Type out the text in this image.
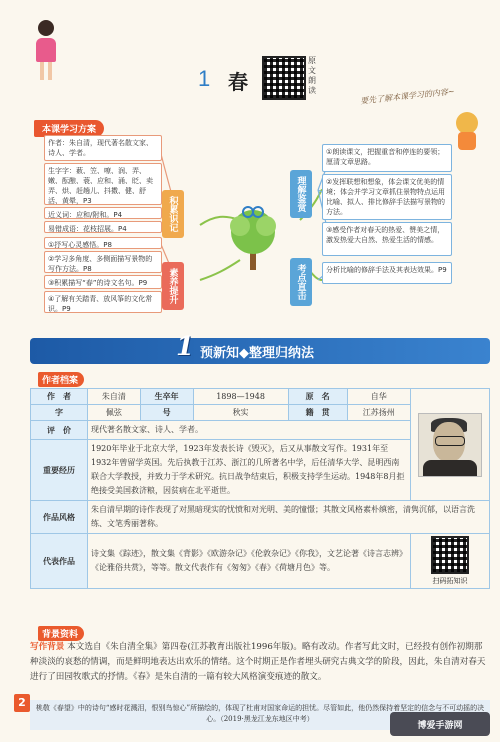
1 春
原文朗读	要先了解本课学习的内容~
本课学习方案
作者：朱自清，现代著名散文家、诗人、学者。
生字字：薮、笠、嘹、润、弄、嫩、酝酿、蓑、应和、涌、眨、卖弄、烘、赶趟儿、抖擞、健、舒活、黄晕，P3
近义词：应和/附和。P4
易错成语：花枝招展。P4
①抒写心灵感悟。P8
②学习多角度、多侧面描写景物的写作方法。P8
③积累描写“春”的诗文名句。P9
④了解有关踏青、放风筝的文化常识。P9
积累识记
素养提升
理解鉴赏
考点直击
①朗读课文，把握重音和停连的要领；厘清文章思路。
②发挥联想和想象，体会课文优美的情境；体会并学习文章抓住景物特点运用比喻、拟人、排比修辞手法描写景物的方法。
③感受作者对春天的热爱、赞美之情，激发热爱大自然、热爱生活的情感。
分析比喻的修辞手法及其表达效果。P9
1 预新知◆整理归纳法
作者档案
作　者	朱自清	生卒年	1898—1948	原　名	自华	

字	佩弦	号	秋实	籍　贯	江苏扬州	
评　价	现代著名散文家、诗人、学者。					
重要经历	1920年毕业于北京大学，1923年发表长诗《毁灭》，后又从事散文写作。1931年至1932年曾留学英国。先后执教于江苏、浙江的几所著名中学，后任清华大学、昆明西南联合大学教授，并致力于学术研究。抗日战争结束后，积极支持学生运动。1948年8月拒绝接受美国救济粮，因贫病在北平逝世。					
作品风格	朱自清早期的诗作表现了对黑暗现实的忧愤和对光明、美的憧憬；其散文风格素朴缜密，清隽沉郁，以语言洗练、文笔秀丽著称。					
代表作品	诗文集《踪迹》，散文集《背影》《欧游杂记》《伦敦杂记》《你我》，文艺论著《诗言志辨》《论雅俗共赏》，等等。散文代表作有《匆匆》《春》《荷塘月色》等。					扫码拓知识
背景资料
写作背景 本文选自《朱自清全集》第四卷(江苏教育出版社1996年版)。略有改动。作者写此文时，已经投有创作初期那种淡淡的哀愁的情调，而是鲜明地表达出欢乐的情绪。这个时期正是作者埋头研究古典文学的阶段，因此，朱自清对春天进行了田园牧歌式的抒情。《春》是朱自清的一篇有较大风格演变痕迹的散文。
2	桃敬《春望》中的诗句“感时花溅泪，恨别鸟惊心”所描绘的，体现了杜甫对国家命运的担忧。尽管如此，他仍然保持着坚定的信念与不可动摇的决心。（2019·黑龙江龙东地区中考）
博爱手游网
